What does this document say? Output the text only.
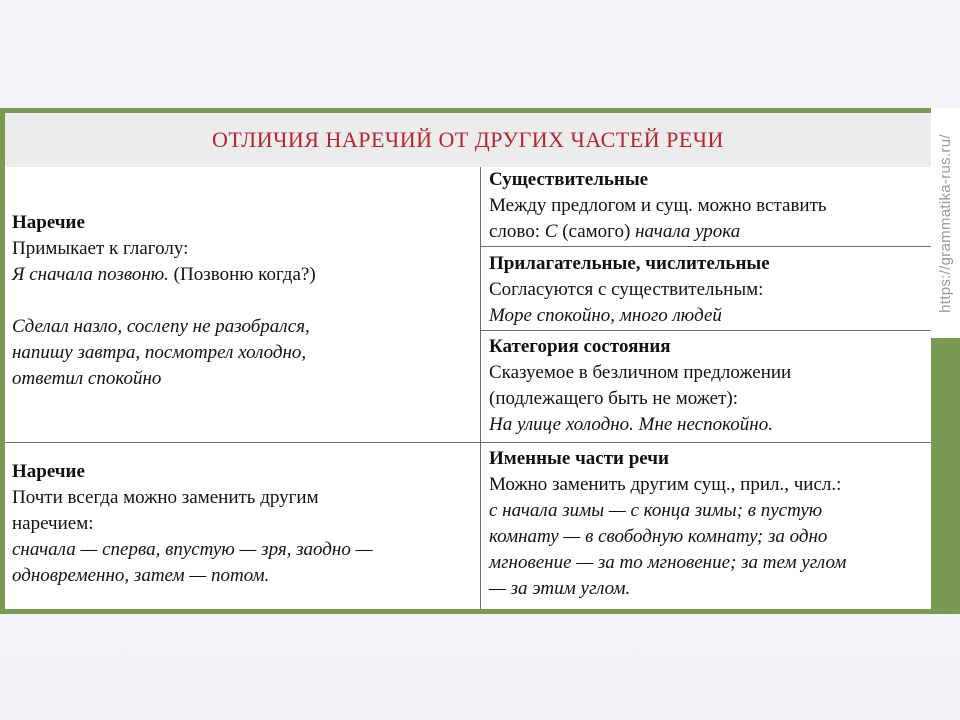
ОТЛИЧИЯ НАРЕЧИЙ ОТ ДРУГИХ ЧАСТЕЙ РЕЧИ
Наречие
Примыкает к глаголу:
Я сначала позвоню. (Позвоню когда?)
Сделал назло, сослепу не разобрался,
напишу завтра, посмотрел холодно,
ответил спокойно
Существительные
Между предлогом и сущ. можно вставить
слово: С (самого) начала урока
Прилагательные, числительные
Согласуются с существительным:
Море спокойно, много людей
Категория состояния
Сказуемое в безличном предложении
(подлежащего быть не может):
На улице холодно. Мне неспокойно.
Наречие
Почти всегда можно заменить другим
наречием:
сначала — сперва, впустую — зря, заодно —
одновременно, затем — потом.
Именные части речи
Можно заменить другим сущ., прил., числ.:
с начала зимы — с конца зимы; в пустую
комнату — в свободную комнату; за одно
мгновение — за то мгновение; за тем углом
— за этим углом.
https://grammatika-rus.ru/
